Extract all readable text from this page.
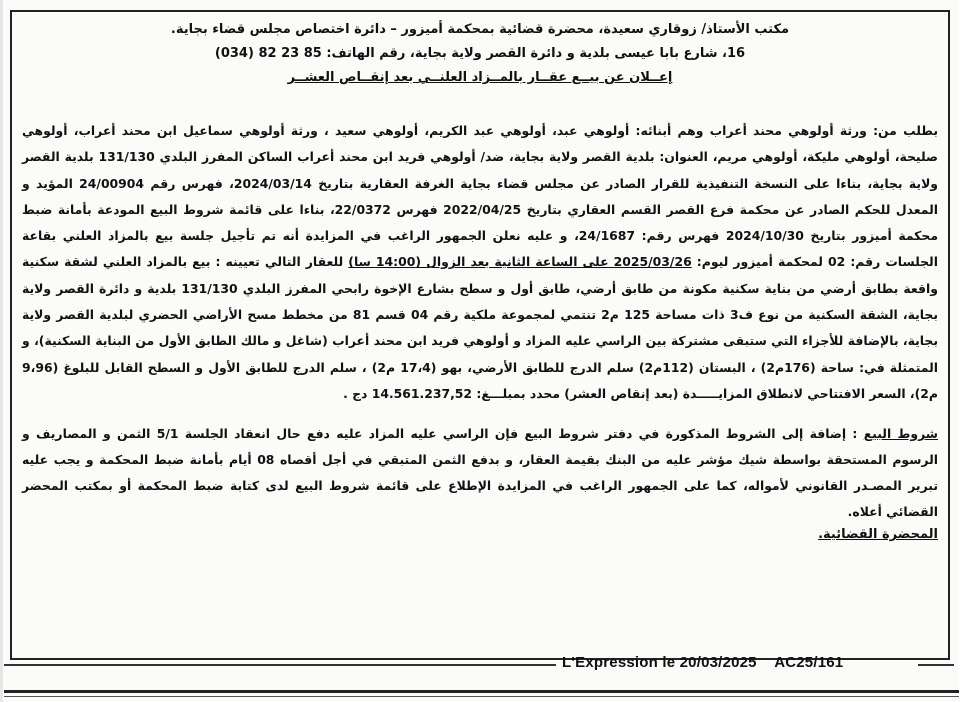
مكتب الأستاذ/ زوقاري سعيدة، محضرة قضائية بمحكمة أميزور – دائرة اختصاص مجلس قضاء بجاية.
16، شارع بابا عيسى بلدية و دائرة القصر ولاية بجاية، رقم الهاتف: 85 23 82 (034)
إعــلان عن بيــع عقــار بالمــزاد العلنــي بعد إنقــاص العشــر
بطلب من: ورثة أولوهي محند أعراب وهم أبنائه: أولوهي عبد، أولوهي عبد الكريم، أولوهي سعيد ، ورثة أولوهي سماعيل ابن محند أعراب، أولوهي صليحة، أولوهي مليكة، أولوهي مريم، العنوان: بلدية القصر ولاية بجاية، ضد/ أولوهي فريد ابن محند أعراب الساكن المفرز البلدي 131/130 بلدية القصر ولاية بجاية، بناءا على النسخة التنفيذية للقرار الصادر عن مجلس قضاء بجاية الغرفة العقارية بتاريخ 2024/03/14، فهرس رقم 24/00904 المؤيد و المعدل للحكم الصادر عن محكمة فرع القصر القسم العقاري بتاريخ 2022/04/25 فهرس 22/0372، بناءا على قائمة شروط البيع المودعة بأمانة ضبط محكمة أميزور بتاريخ 2024/10/30 فهرس رقم: 24/1687، و عليه نعلن الجمهور الراغب في المزايدة أنه تم تأجيل جلسة بيع بالمزاد العلني بقاعة الجلسات رقم: 02 لمحكمة أميزور ليوم: 2025/03/26 على الساعة الثانية بعد الزوال (14:00 سا) للعقار التالي تعيينه : بيع بالمزاد العلني لشقة سكنية واقعة بطابق أرضي من بناية سكنية مكونة من طابق أرضي، طابق أول و سطح بشارع الإخوة رابحي المفرز البلدي 131/130 بلدية و دائرة القصر ولاية بجاية، الشقة السكنية من نوع ف3 ذات مساحة 125 م2 تنتمي لمجموعة ملكية رقم 04 قسم 81 من مخطط مسح الأراضي الحضري لبلدية القصر ولاية بجاية، بالإضافة للأجزاء التي ستبقى مشتركة بين الراسي عليه المزاد و أولوهي فريد ابن محند أعراب (شاغل و مالك الطابق الأول من البناية السكنية)، و المتمثلة في: ساحة (176م2) ، البستان (112م2) سلم الدرج للطابق الأرضي، بهو (17،4 م2) ، سلم الدرج للطابق الأول و السطح القابل للبلوغ (9،96 م2)، السعر الافتتاحي لانطلاق المزايـــــدة (بعد إنقاص العشر) محدد بمبلـــغ: 14.561.237,52 دج .
شروط البيع : إضافة إلى الشروط المذكورة في دفتر شروط البيع فإن الراسي عليه المزاد عليه دفع حال انعقاد الجلسة 5/1 الثمن و المصاريف و الرسوم المستحقة بواسطة شيك مؤشر عليه من البنك بقيمة العقار، و بدفع الثمن المتبقي في أجل أقصاه 08 أيام بأمانة ضبط المحكمة و يجب عليه تبرير المصـدر القانوني لأمواله، كما على الجمهور الراغب في المزايدة الإطلاع على قائمة شروط البيع لدى كتابة ضبط المحكمة أو بمكتب المحضر القضائي أعلاه.
المحضرة القضائية.
L'Expression le 20/03/2025 AC25/161
